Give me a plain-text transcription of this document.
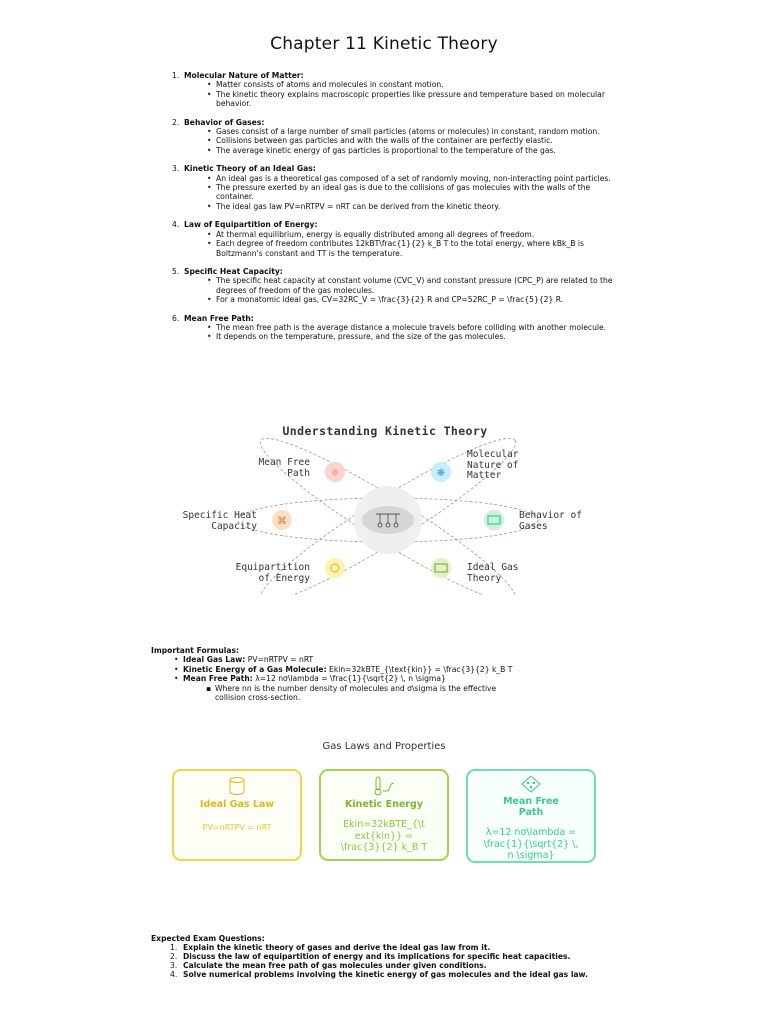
Chapter 11 Kinetic Theory
1. Molecular Nature of Matter:
• Matter consists of atoms and molecules in constant motion.
• The kinetic theory explains macroscopic properties like pressure and temperature based on molecular behavior.
2. Behavior of Gases:
• Gases consist of a large number of small particles (atoms or molecules) in constant, random motion.
• Collisions between gas particles and with the walls of the container are perfectly elastic.
• The average kinetic energy of gas particles is proportional to the temperature of the gas.
3. Kinetic Theory of an Ideal Gas:
• An ideal gas is a theoretical gas composed of a set of randomly moving, non-interacting point particles.
• The pressure exerted by an ideal gas is due to the collisions of gas molecules with the walls of the container.
• The ideal gas law PV=nRTPV = nRT can be derived from the kinetic theory.
4. Law of Equipartition of Energy:
• At thermal equilibrium, energy is equally distributed among all degrees of freedom.
• Each degree of freedom contributes 12kBT\frac{1}{2} k_B T to the total energy, where kBk_B is Boltzmann's constant and TT is the temperature.
5. Specific Heat Capacity:
• The specific heat capacity at constant volume (CVC_V) and constant pressure (CPC_P) are related to the degrees of freedom of the gas molecules.
• For a monatomic ideal gas, CV=32RC_V = \frac{3}{2} R and CP=52RC_P = \frac{5}{2} R.
6. Mean Free Path:
• The mean free path is the average distance a molecule travels before colliding with another molecule.
• It depends on the temperature, pressure, and the size of the gas molecules.
Understanding Kinetic Theory
⚛	❋
⌘
Mean Free
Path
Molecular
Nature of
Matter
Specific Heat
Capacity
Behavior of
Gases
Equipartition
of Energy
Ideal Gas
Theory
Important Formulas:
• Ideal Gas Law: PV=nRTPV = nRT
• Kinetic Energy of a Gas Molecule: Ekin=32kBTE_{\text{kin}} = \frac{3}{2} k_B T
• Mean Free Path: λ=12 nσ\lambda = \frac{1}{\sqrt{2} \, n \sigma}
▪ Where nn is the number density of molecules and σ\sigma is the effective
collision cross-section.
Gas Laws and Properties
Ideal Gas Law
PV=nRTPV = nRT
Kinetic Energy
Ekin=32kBTE_{\t
ext{kin}} =
\frac{3}{2} k_B T
Mean Free
Path
λ=12 nσ\lambda =
\frac{1}{\sqrt{2} \,
n \sigma}
Expected Exam Questions:
1. Explain the kinetic theory of gases and derive the ideal gas law from it.
2. Discuss the law of equipartition of energy and its implications for specific heat capacities.
3. Calculate the mean free path of gas molecules under given conditions.
4. Solve numerical problems involving the kinetic energy of gas molecules and the ideal gas law.
